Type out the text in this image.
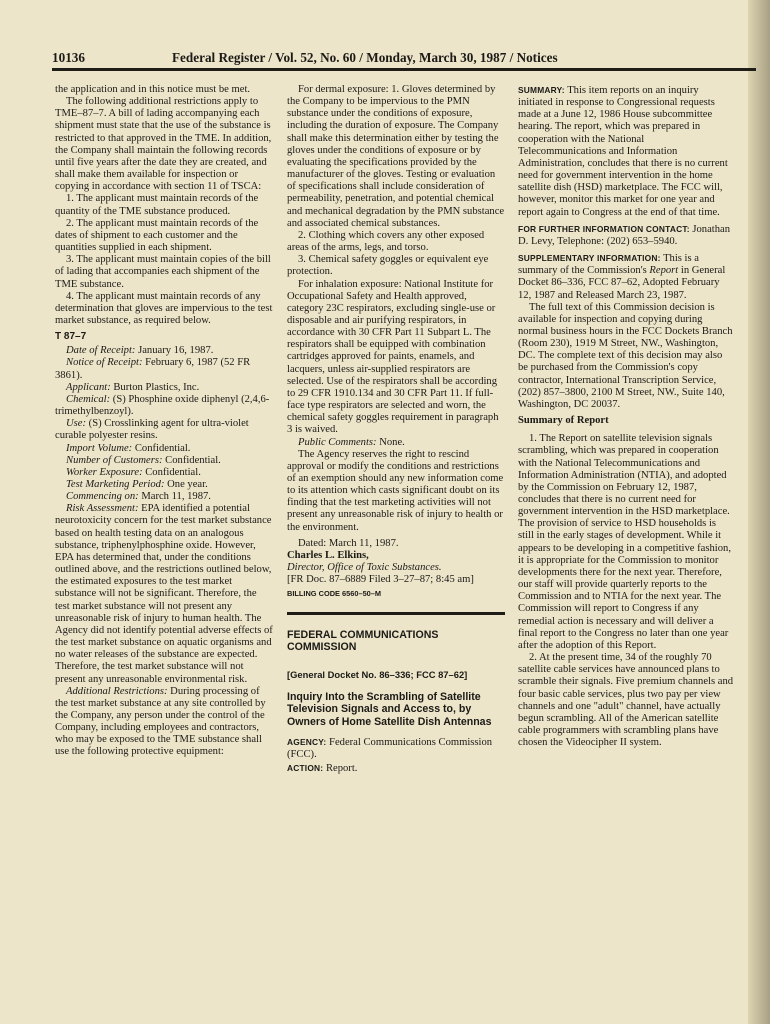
10136	Federal Register / Vol. 52, No. 60 / Monday, March 30, 1987 / Notices

the application and in this notice must be met.

The following additional restrictions apply to TME–87–7. A bill of lading accompanying each shipment must state that the use of the substance is restricted to that approved in the TME. In addition, the Company shall maintain the following records until five years after the date they are created, and shall make them available for inspection or copying in accordance with section 11 of TSCA:

1. The applicant must maintain records of the quantity of the TME substance produced.

2. The applicant must maintain records of the dates of shipment to each customer and the quantities supplied in each shipment.

3. The applicant must maintain copies of the bill of lading that accompanies each shipment of the TME substance.

4. The applicant must maintain records of any determination that gloves are impervious to the test market substance, as required below.

T 87–7

Date of Receipt: January 16, 1987.

Notice of Receipt: February 6, 1987 (52 FR 3861).

Applicant: Burton Plastics, Inc.

Chemical: (S) Phosphine oxide diphenyl (2,4,6-trimethylbenzoyl).

Use: (S) Crosslinking agent for ultra-violet curable polyester resins.

Import Volume: Confidential.

Number of Customers: Confidential.

Worker Exposure: Confidential.

Test Marketing Period: One year.

Commencing on: March 11, 1987.

Risk Assessment: EPA identified a potential neurotoxicity concern for the test market substance based on health testing data on an analogous substance, triphenylphosphine oxide. However, EPA has determined that, under the conditions outlined above, and the restrictions outlined below, the estimated exposures to the test market substance will not be significant. Therefore, the test market substance will not present any unreasonable risk of injury to human health. The Agency did not identify potential adverse effects of the test market substance on aquatic organisms and no water releases of the substance are expected. Therefore, the test market substance will not present any unreasonable environmental risk.

Additional Restrictions: During processing of the test market substance at any site controlled by the Company, any person under the control of the Company, including employees and contractors, who may be exposed to the TME substance shall use the following protective equipment:

For dermal exposure: 1. Gloves determined by the Company to be impervious to the PMN substance under the conditions of exposure, including the duration of exposure. The Company shall make this determination either by testing the gloves under the conditions of exposure or by evaluating the specifications provided by the manufacturer of the gloves. Testing or evaluation of specifications shall include consideration of permeability, penetration, and potential chemical and mechanical degradation by the PMN substance and associated chemical substances.

2. Clothing which covers any other exposed areas of the arms, legs, and torso.

3. Chemical safety goggles or equivalent eye protection.

For inhalation exposure: National Institute for Occupational Safety and Health approved, category 23C respirators, excluding single-use or disposable and air purifying respirators, in accordance with 30 CFR Part 11 Subpart L. The respirators shall be equipped with combination cartridges approved for paints, enamels, and lacquers, unless air-supplied respirators are selected. Use of the respirators shall be according to 29 CFR 1910.134 and 30 CFR Part 11. If full-face type respirators are selected and worn, the chemical safety goggles requirement in paragraph 3 is waived.

Public Comments: None.

The Agency reserves the right to rescind approval or modify the conditions and restrictions of an exemption should any new information come to its attention which casts significant doubt on its finding that the test marketing activities will not present any unreasonable risk of injury to health or the environment.

Dated: March 11, 1987.

Charles L. Elkins,

Director, Office of Toxic Substances.

[FR Doc. 87–6889 Filed 3–27–87; 8:45 am]

BILLING CODE 6560–50–M

FEDERAL COMMUNICATIONS COMMISSION

[General Docket No. 86–336; FCC 87–62]

Inquiry Into the Scrambling of Satellite Television Signals and Access to, by Owners of Home Satellite Dish Antennas

AGENCY: Federal Communications Commission (FCC).

ACTION: Report.

SUMMARY: This item reports on an inquiry initiated in response to Congressional requests made at a June 12, 1986 House subcommittee hearing. The report, which was prepared in cooperation with the National Telecommunications and Information Administration, concludes that there is no current need for government intervention in the home satellite dish (HSD) marketplace. The FCC will, however, monitor this market for one year and report again to Congress at the end of that time.

FOR FURTHER INFORMATION CONTACT: Jonathan D. Levy, Telephone: (202) 653–5940.

SUPPLEMENTARY INFORMATION: This is a summary of the Commission's Report in General Docket 86–336, FCC 87–62, Adopted February 12, 1987 and Released March 23, 1987.

The full text of this Commission decision is available for inspection and copying during normal business hours in the FCC Dockets Branch (Room 230), 1919 M Street, NW., Washington, DC. The complete text of this decision may also be purchased from the Commission's copy contractor, International Transcription Service, (202) 857–3800, 2100 M Street, NW., Suite 140, Washington, DC 20037.

Summary of Report

1. The Report on satellite television signals scrambling, which was prepared in cooperation with the National Telecommunications and Information Administration (NTIA), and adopted by the Commission on February 12, 1987, concludes that there is no current need for government intervention in the HSD marketplace. The provision of service to HSD households is still in the early stages of development. While it appears to be developing in a competitive fashion, it is appropriate for the Commission to monitor developments there for the next year. Therefore, our staff will provide quarterly reports to the Commission and to NTIA for the next year. The Commission will report to Congress if any remedial action is necessary and will deliver a final report to the Congress no later than one year after the adoption of this Report.

2. At the present time, 34 of the roughly 70 satellite cable services have announced plans to scramble their signals. Five premium channels and four basic cable services, plus two pay per view channels and one "adult" channel, have actually begun scrambling. All of the American satellite cable programmers with scrambling plans have chosen the Videocipher II system.
